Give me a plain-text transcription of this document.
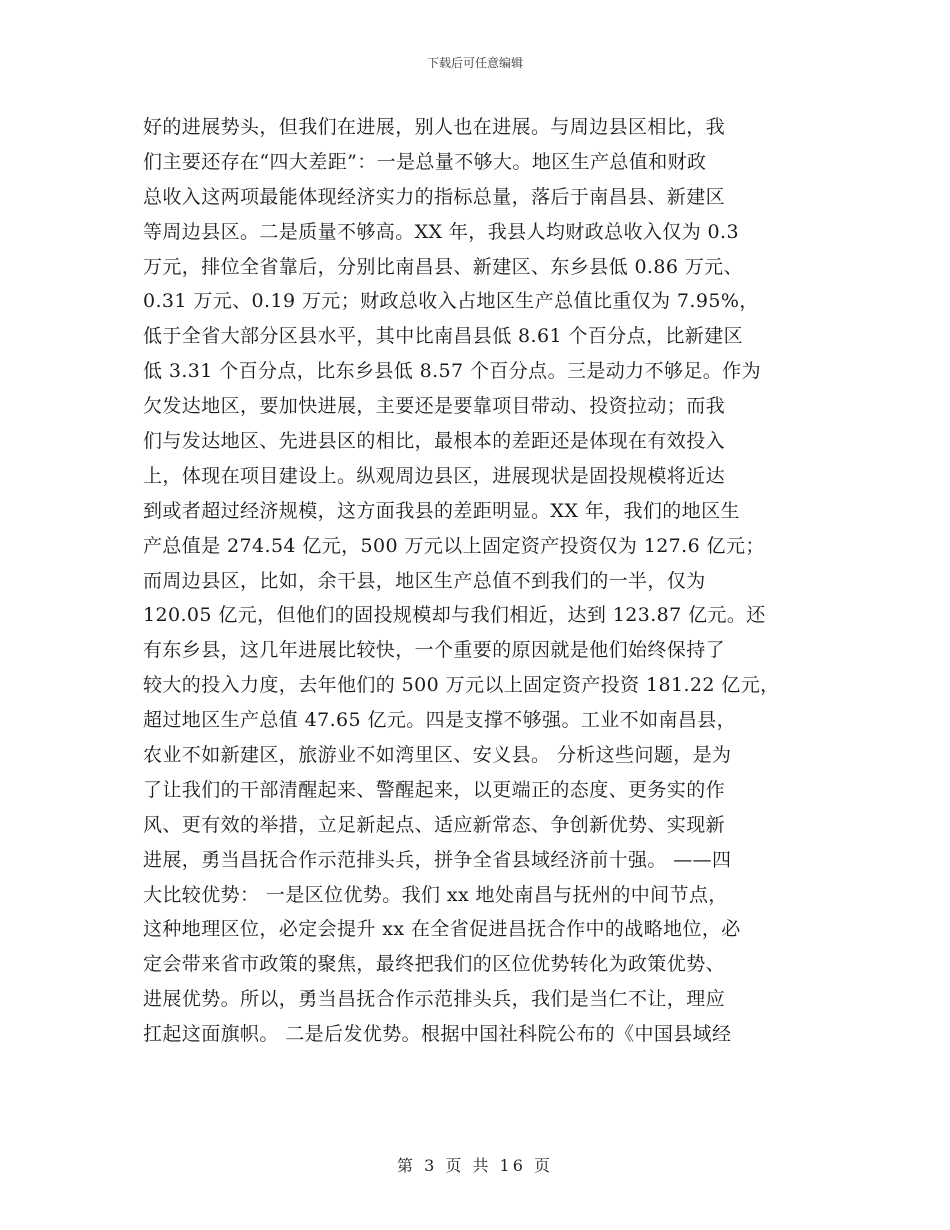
下载后可任意编辑
好的进展势头，但我们在进展，别人也在进展。与周边县区相比，我
们主要还存在“四大差距”：一是总量不够大。地区生产总值和财政
总收入这两项最能体现经济实力的指标总量，落后于南昌县、新建区
等周边县区。二是质量不够高。XX 年，我县人均财政总收入仅为 0.3
万元，排位全省靠后，分别比南昌县、新建区、东乡县低 0.86 万元、
0.31 万元、0.19 万元；财政总收入占地区生产总值比重仅为 7.95%，
低于全省大部分区县水平，其中比南昌县低 8.61 个百分点，比新建区
低 3.31 个百分点，比东乡县低 8.57 个百分点。三是动力不够足。作为
欠发达地区，要加快进展，主要还是要靠项目带动、投资拉动；而我
们与发达地区、先进县区的相比，最根本的差距还是体现在有效投入
上，体现在项目建设上。纵观周边县区，进展现状是固投规模将近达
到或者超过经济规模，这方面我县的差距明显。XX 年，我们的地区生
产总值是 274.54 亿元，500 万元以上固定资产投资仅为 127.6 亿元；
而周边县区，比如，余干县，地区生产总值不到我们的一半，仅为
120.05 亿元，但他们的固投规模却与我们相近，达到 123.87 亿元。还
有东乡县，这几年进展比较快，一个重要的原因就是他们始终保持了
较大的投入力度，去年他们的 500 万元以上固定资产投资 181.22 亿元，
超过地区生产总值 47.65 亿元。四是支撑不够强。工业不如南昌县，
农业不如新建区，旅游业不如湾里区、安义县。 分析这些问题，是为
了让我们的干部清醒起来、警醒起来，以更端正的态度、更务实的作
风、更有效的举措，立足新起点、适应新常态、争创新优势、实现新
进展，勇当昌抚合作示范排头兵，拼争全省县域经济前十强。 ——四
大比较优势： 一是区位优势。我们 xx 地处南昌与抚州的中间节点，
这种地理区位，必定会提升 xx 在全省促进昌抚合作中的战略地位，必
定会带来省市政策的聚焦，最终把我们的区位优势转化为政策优势、
进展优势。所以，勇当昌抚合作示范排头兵，我们是当仁不让，理应
扛起这面旗帜。 二是后发优势。根据中国社科院公布的《中国县域经
第 3 页 共 16 页
